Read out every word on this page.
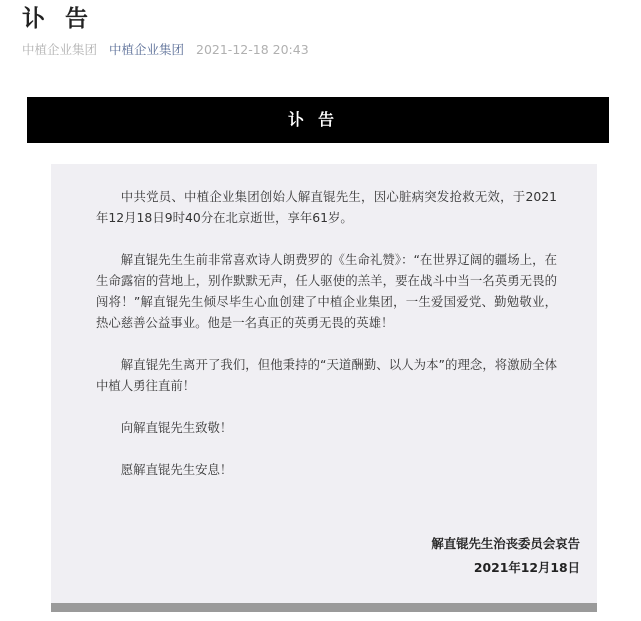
讣 告
中植企业集团 中植企业集团 2021-12-18 20:43
讣告

中共党员、中植企业集团创始人解直锟先生，因心脏病突发抢救无效，于2021年12月18日9时40分在北京逝世，享年61岁。

解直锟先生生前非常喜欢诗人朗费罗的《生命礼赞》：“在世界辽阔的疆场上，在生命露宿的营地上，别作默默无声，任人驱使的羔羊，要在战斗中当一名英勇无畏的闯将！”解直锟先生倾尽毕生心血创建了中植企业集团，一生爱国爱党、勤勉敬业，热心慈善公益事业。他是一名真正的英勇无畏的英雄！

解直锟先生离开了我们，但他秉持的“天道酬勤、以人为本”的理念，将激励全体中植人勇往直前！

向解直锟先生致敬！

愿解直锟先生安息！

解直锟先生治丧委员会哀告
2021年12月18日
